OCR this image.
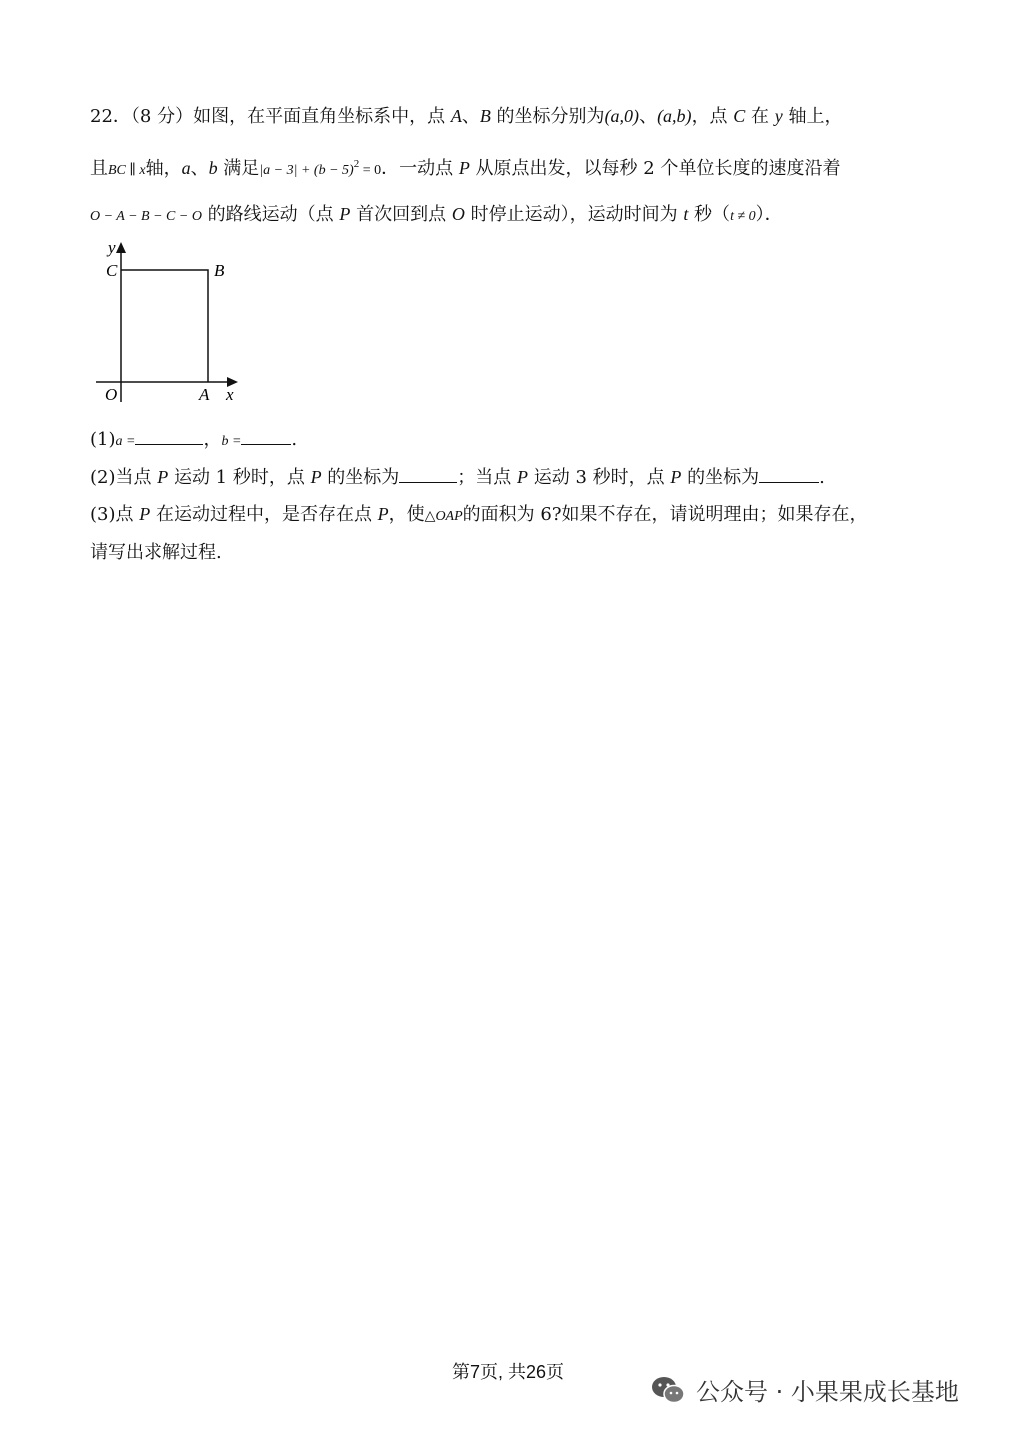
22．（8 分）如图，在平面直角坐标系中，点 A、B 的坐标分别为(a,0)、(a,b)，点 C 在 y 轴上，
且BC ∥ x轴，a、b 满足$|a - 3| + (b - 5)^2 = 0$．一动点 P 从原点出发，以每秒 2 个单位长度的速度沿着
O − A − B − C − O 的路线运动（点 P 首次回到点 O 时停止运动），运动时间为 t 秒（t ≠ 0）．
y
C	B
O	A x
(1)a =	，b =	.
(2)当点 P 运动 1 秒时，点 P 的坐标为	；当点 P 运动 3 秒时，点 P 的坐标为	.
(3)点 P 在运动过程中，是否存在点 P，使△OAP的面积为 6?如果不存在，请说明理由；如果存在，
请写出求解过程.
第7页, 共26页
公众号 · 小果果成长基地
